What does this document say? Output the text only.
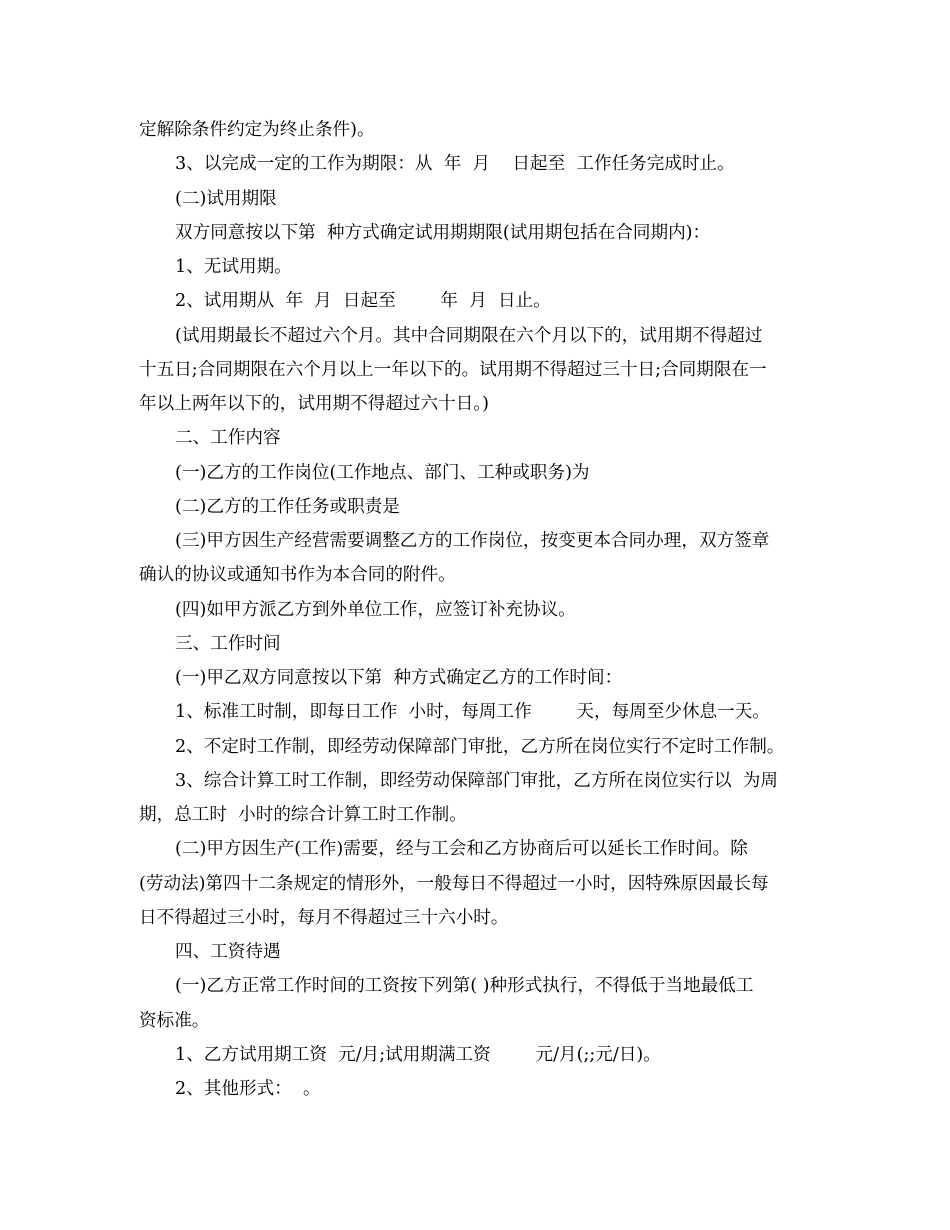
定解除条件约定为终止条件)。
3、以完成一定的工作为期限：从  年  月    日起至  工作任务完成时止。
(二)试用期限
双方同意按以下第  种方式确定试用期期限(试用期包括在合同期内)：
1、无试用期。
2、试用期从  年  月  日起至        年  月  日止。
(试用期最长不超过六个月。其中合同期限在六个月以下的，试用期不得超过
十五日;合同期限在六个月以上一年以下的。试用期不得超过三十日;合同期限在一
年以上两年以下的，试用期不得超过六十日。)
二、工作内容
(一)乙方的工作岗位(工作地点、部门、工种或职务)为
(二)乙方的工作任务或职责是
(三)甲方因生产经营需要调整乙方的工作岗位，按变更本合同办理，双方签章
确认的协议或通知书作为本合同的附件。
(四)如甲方派乙方到外单位工作，应签订补充协议。
三、工作时间
(一)甲乙双方同意按以下第  种方式确定乙方的工作时间：
1、标准工时制，即每日工作  小时，每周工作        天，每周至少休息一天。
2、不定时工作制，即经劳动保障部门审批，乙方所在岗位实行不定时工作制。
3、综合计算工时工作制，即经劳动保障部门审批，乙方所在岗位实行以  为周
期，总工时  小时的综合计算工时工作制。
(二)甲方因生产(工作)需要，经与工会和乙方协商后可以延长工作时间。除
(劳动法)第四十二条规定的情形外，一般每日不得超过一小时，因特殊原因最长每
日不得超过三小时，每月不得超过三十六小时。
四、工资待遇
(一)乙方正常工作时间的工资按下列第( )种形式执行，不得低于当地最低工
资标准。
1、乙方试用期工资  元/月;试用期满工资        元/月(;;元/日)。
2、其他形式：  。
